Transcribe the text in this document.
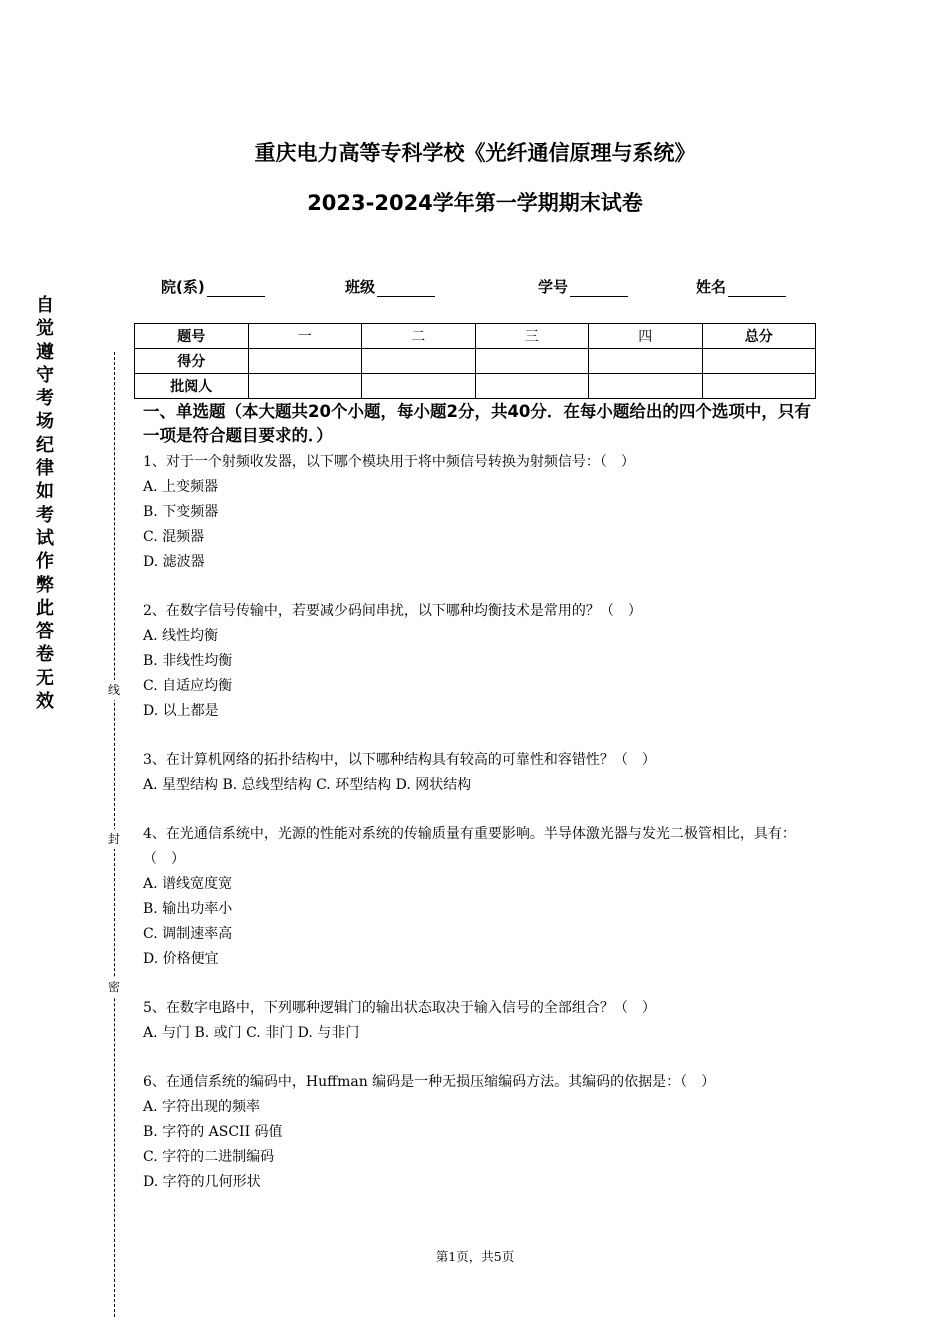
重庆电力高等专科学校《光纤通信原理与系统》
2023-2024学年第一学期期末试卷
院(系)	班级	学号	姓名
题号	一	二	三	四	总分
得分					
批阅人					
自觉遵守考场纪律如考试作弊此答卷无效
线
封
密
一、单选题（本大题共20个小题，每小题2分，共40分．在每小题给出的四个选项中，只有一项是符合题目要求的．）

1、对于一个射频收发器，以下哪个模块用于将中频信号转换为射频信号：（　）

A. 上变频器

B. 下变频器

C. 混频器

D. 滤波器

2、在数字信号传输中，若要减少码间串扰，以下哪种均衡技术是常用的？（　）

A. 线性均衡

B. 非线性均衡

C. 自适应均衡

D. 以上都是

3、在计算机网络的拓扑结构中，以下哪种结构具有较高的可靠性和容错性？（　）

A. 星型结构 B. 总线型结构 C. 环型结构 D. 网状结构

4、在光通信系统中，光源的性能对系统的传输质量有重要影响。半导体激光器与发光二极管相比，具有：（　）

A. 谱线宽度宽

B. 输出功率小

C. 调制速率高

D. 价格便宜

5、在数字电路中，下列哪种逻辑门的输出状态取决于输入信号的全部组合？（　）

A. 与门 B. 或门 C. 非门 D. 与非门

6、在通信系统的编码中，Huffman 编码是一种无损压缩编码方法。其编码的依据是：（　）

A. 字符出现的频率

B. 字符的 ASCII 码值

C. 字符的二进制编码

D. 字符的几何形状

第1页，共5页
